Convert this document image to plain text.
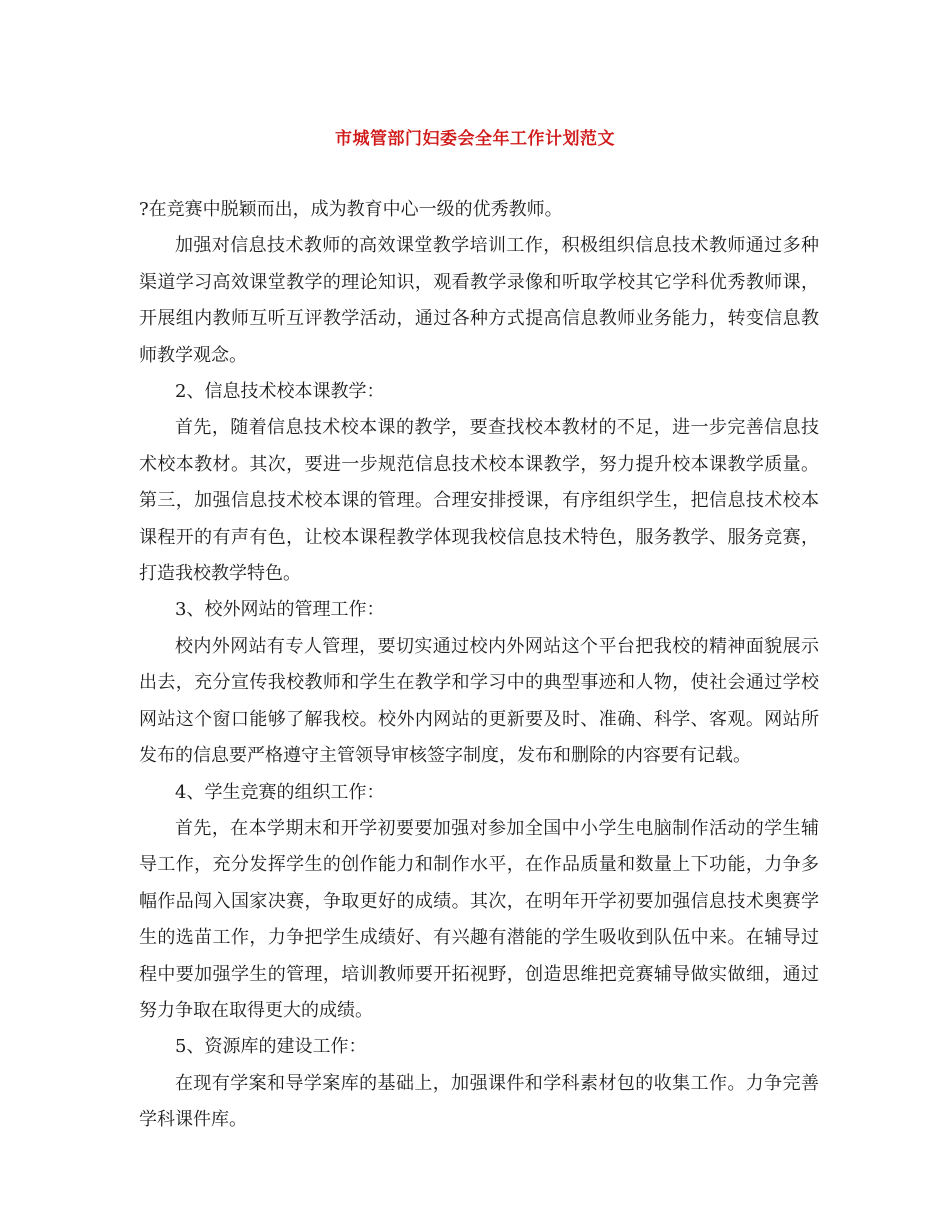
市城管部门妇委会全年工作计划范文

?在竞赛中脱颖而出，成为教育中心一级的优秀教师。

加强对信息技术教师的高效课堂教学培训工作，积极组织信息技术教师通过多种渠道学习高效课堂教学的理论知识，观看教学录像和听取学校其它学科优秀教师课，开展组内教师互听互评教学活动，通过各种方式提高信息教师业务能力，转变信息教师教学观念。

2、信息技术校本课教学：

首先，随着信息技术校本课的教学，要查找校本教材的不足，进一步完善信息技术校本教材。其次，要进一步规范信息技术校本课教学，努力提升校本课教学质量。第三，加强信息技术校本课的管理。合理安排授课，有序组织学生，把信息技术校本课程开的有声有色，让校本课程教学体现我校信息技术特色，服务教学、服务竞赛，打造我校教学特色。

3、校外网站的管理工作：

校内外网站有专人管理，要切实通过校内外网站这个平台把我校的精神面貌展示出去，充分宣传我校教师和学生在教学和学习中的典型事迹和人物，使社会通过学校网站这个窗口能够了解我校。校外内网站的更新要及时、准确、科学、客观。网站所发布的信息要严格遵守主管领导审核签字制度，发布和删除的内容要有记载。

4、学生竞赛的组织工作：

首先，在本学期末和开学初要要加强对参加全国中小学生电脑制作活动的学生辅导工作，充分发挥学生的创作能力和制作水平，在作品质量和数量上下功能，力争多幅作品闯入国家决赛，争取更好的成绩。其次，在明年开学初要加强信息技术奥赛学生的选苗工作，力争把学生成绩好、有兴趣有潜能的学生吸收到队伍中来。在辅导过程中要加强学生的管理，培训教师要开拓视野，创造思维把竞赛辅导做实做细，通过努力争取在取得更大的成绩。

5、资源库的建设工作：

在现有学案和导学案库的基础上，加强课件和学科素材包的收集工作。力争完善学科课件库。
